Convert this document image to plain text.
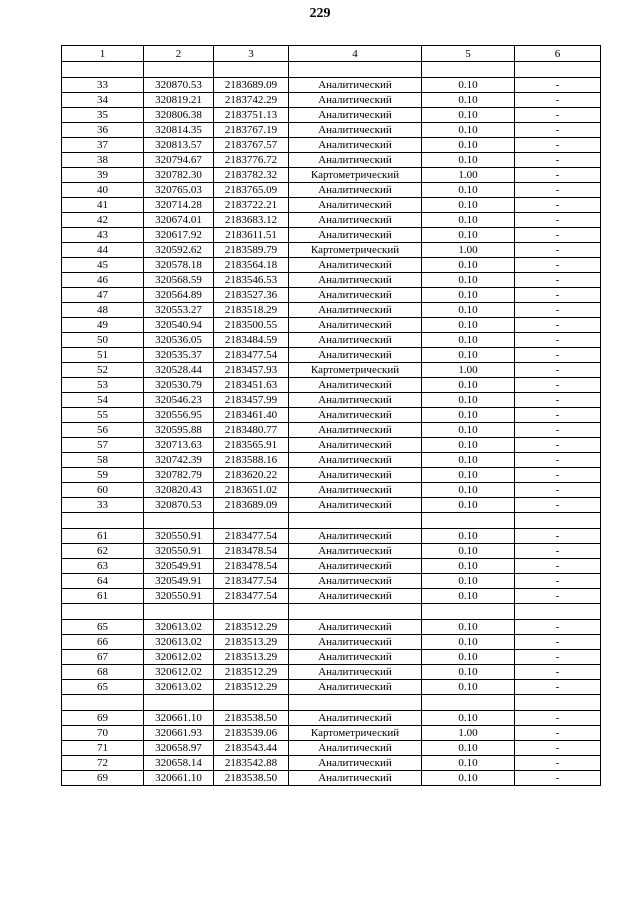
229
1	2	3	4	5	6

33	320870.53	2183689.09	Аналитический	0.10	-
34	320819.21	2183742.29	Аналитический	0.10	-
35	320806.38	2183751.13	Аналитический	0.10	-
36	320814.35	2183767.19	Аналитический	0.10	-
37	320813.57	2183767.57	Аналитический	0.10	-
38	320794.67	2183776.72	Аналитический	0.10	-
39	320782.30	2183782.32	Картометрический	1.00	-
40	320765.03	2183765.09	Аналитический	0.10	-
41	320714.28	2183722.21	Аналитический	0.10	-
42	320674.01	2183683.12	Аналитический	0.10	-
43	320617.92	2183611.51	Аналитический	0.10	-
44	320592.62	2183589.79	Картометрический	1.00	-
45	320578.18	2183564.18	Аналитический	0.10	-
46	320568.59	2183546.53	Аналитический	0.10	-
47	320564.89	2183527.36	Аналитический	0.10	-
48	320553.27	2183518.29	Аналитический	0.10	-
49	320540.94	2183500.55	Аналитический	0.10	-
50	320536.05	2183484.59	Аналитический	0.10	-
51	320535.37	2183477.54	Аналитический	0.10	-
52	320528.44	2183457.93	Картометрический	1.00	-
53	320530.79	2183451.63	Аналитический	0.10	-
54	320546.23	2183457.99	Аналитический	0.10	-
55	320556.95	2183461.40	Аналитический	0.10	-
56	320595.88	2183480.77	Аналитический	0.10	-
57	320713.63	2183565.91	Аналитический	0.10	-
58	320742.39	2183588.16	Аналитический	0.10	-
59	320782.79	2183620.22	Аналитический	0.10	-
60	320820.43	2183651.02	Аналитический	0.10	-
33	320870.53	2183689.09	Аналитический	0.10	-

61	320550.91	2183477.54	Аналитический	0.10	-
62	320550.91	2183478.54	Аналитический	0.10	-
63	320549.91	2183478.54	Аналитический	0.10	-
64	320549.91	2183477.54	Аналитический	0.10	-
61	320550.91	2183477.54	Аналитический	0.10	-

65	320613.02	2183512.29	Аналитический	0.10	-
66	320613.02	2183513.29	Аналитический	0.10	-
67	320612.02	2183513.29	Аналитический	0.10	-
68	320612.02	2183512.29	Аналитический	0.10	-
65	320613.02	2183512.29	Аналитический	0.10	-

69	320661.10	2183538.50	Аналитический	0.10	-
70	320661.93	2183539.06	Картометрический	1.00	-
71	320658.97	2183543.44	Аналитический	0.10	-
72	320658.14	2183542.88	Аналитический	0.10	-
69	320661.10	2183538.50	Аналитический	0.10	-
